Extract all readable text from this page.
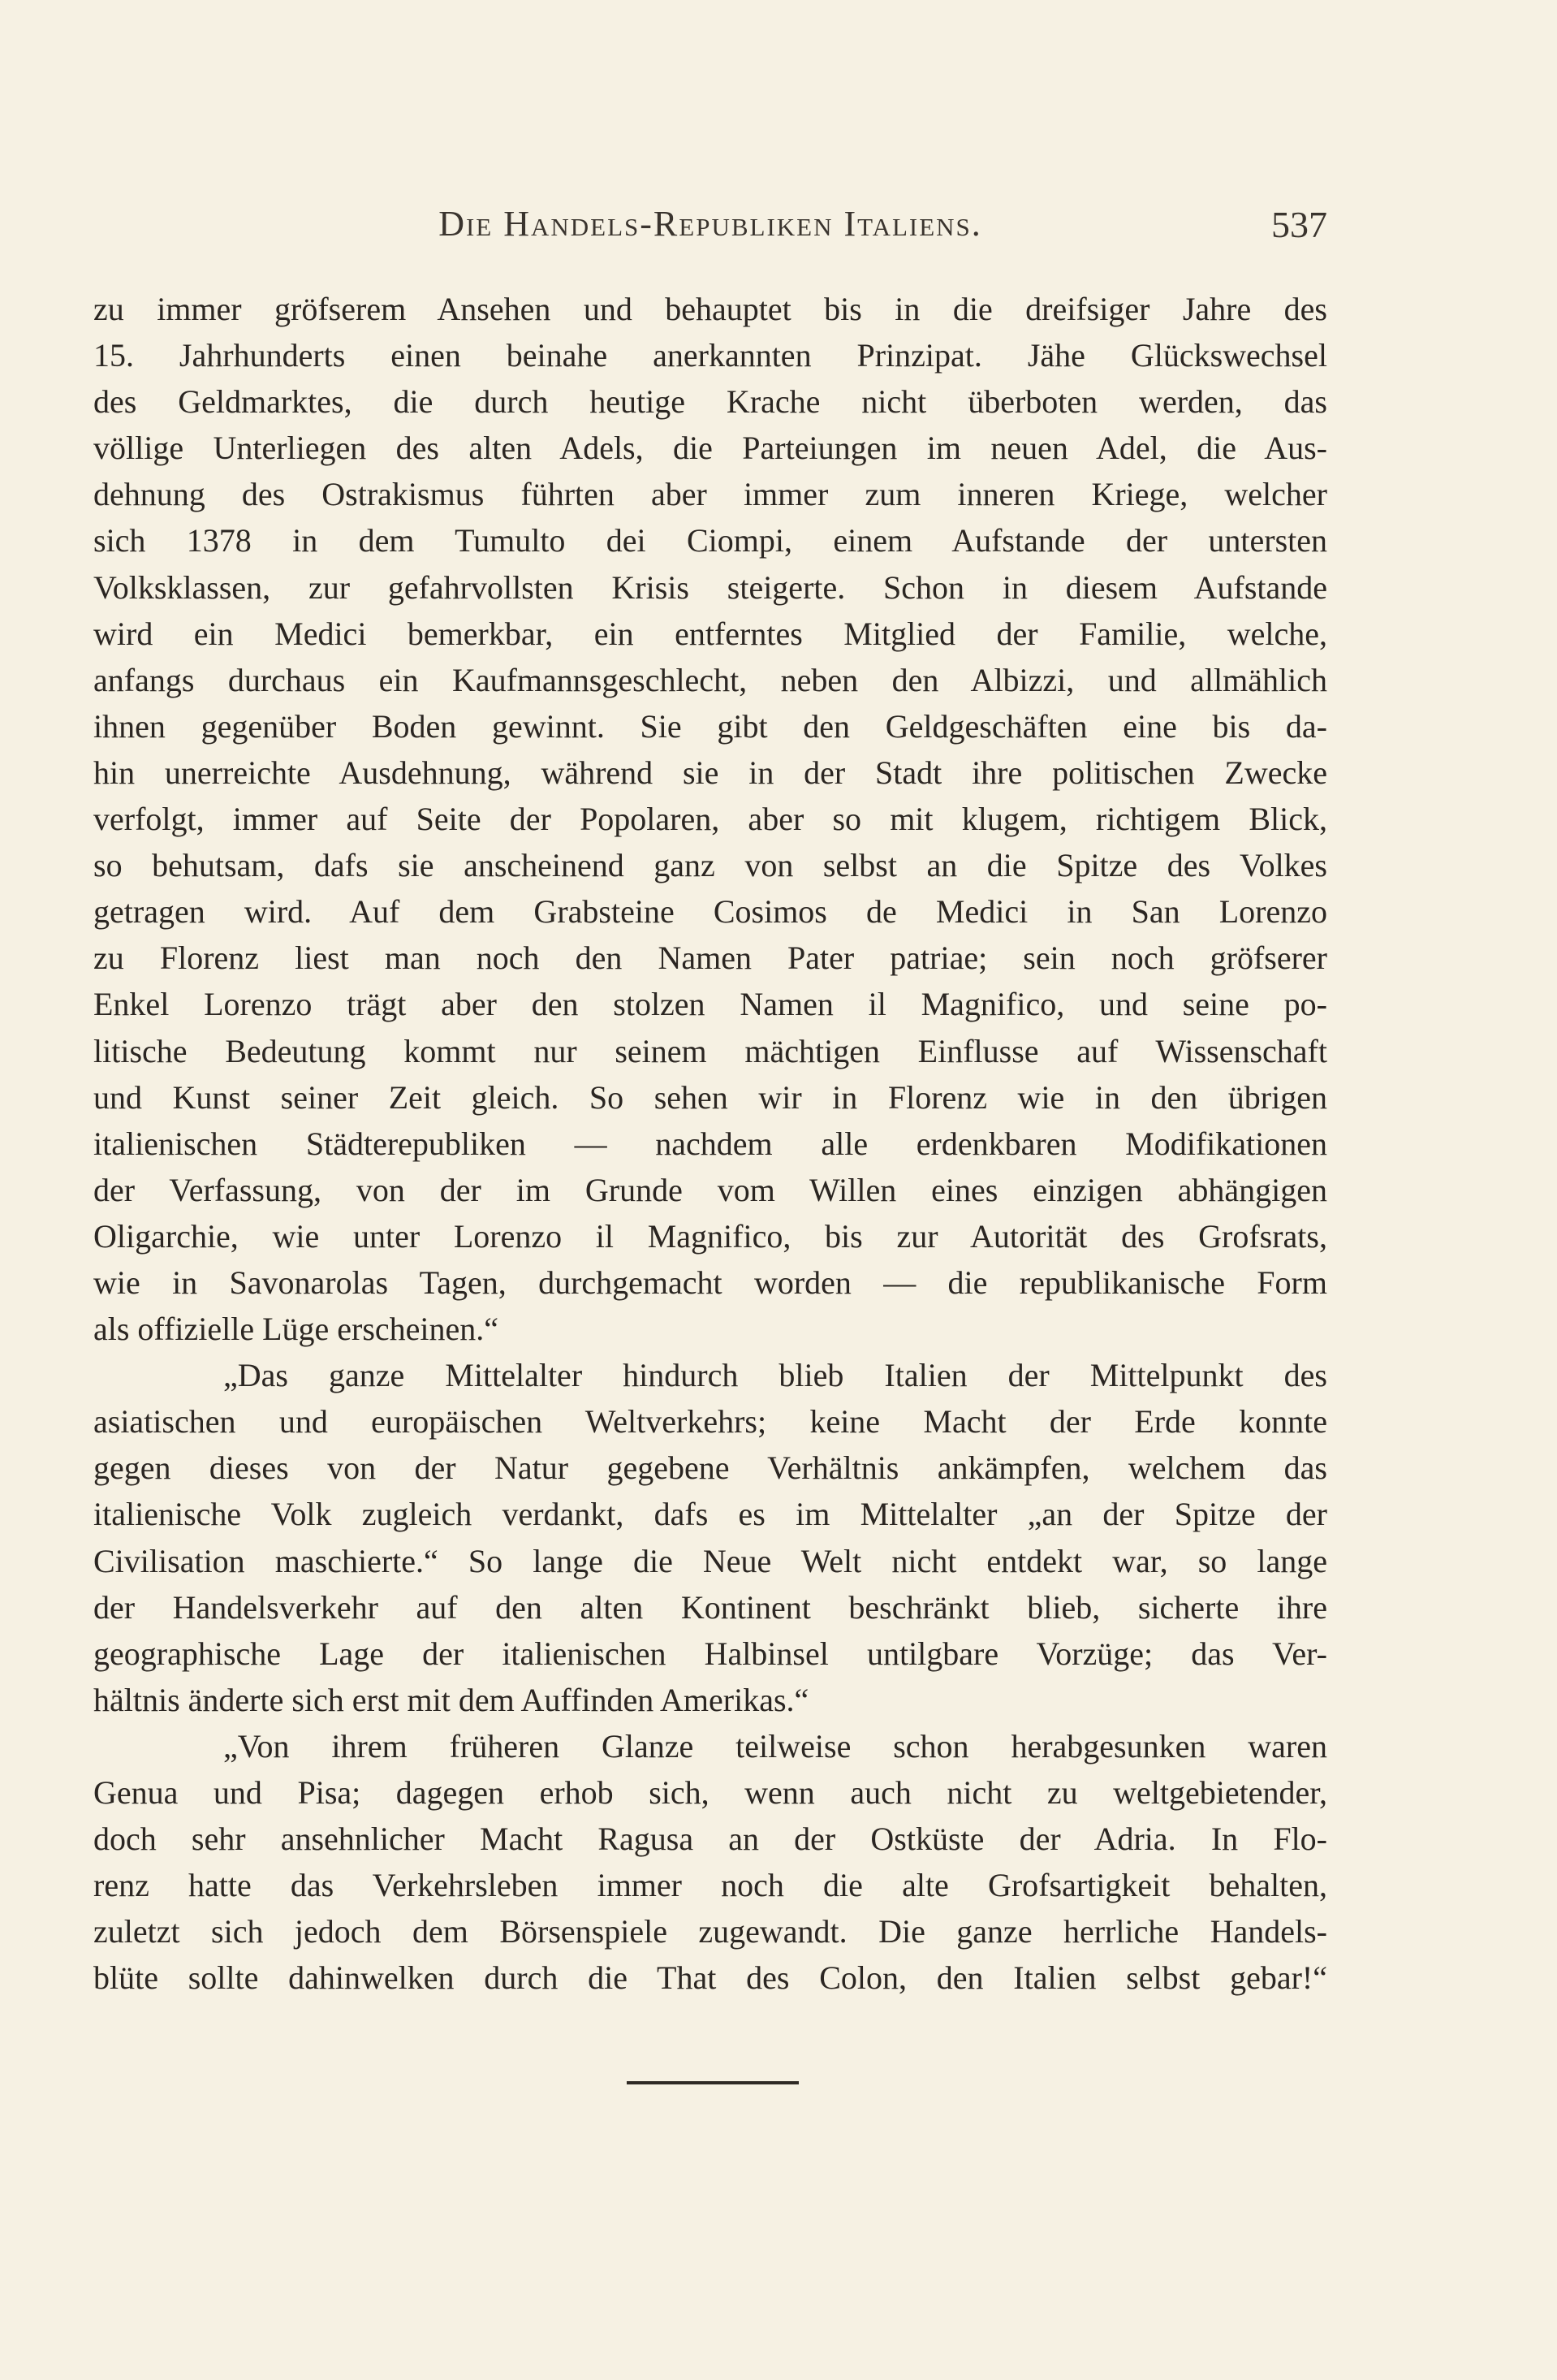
Die Handels-Republiken Italiens.	537
zu immer gröfserem Ansehen und behauptet bis in die dreifsiger Jahre des
15. Jahrhunderts einen beinahe anerkannten Prinzipat. Jähe Glückswechsel
des Geldmarktes, die durch heutige Krache nicht überboten werden, das
völlige Unterliegen des alten Adels, die Parteiungen im neuen Adel, die Aus-
dehnung des Ostrakismus führten aber immer zum inneren Kriege, welcher
sich 1378 in dem Tumulto dei Ciompi, einem Aufstande der untersten
Volksklassen, zur gefahrvollsten Krisis steigerte. Schon in diesem Aufstande
wird ein Medici bemerkbar, ein entferntes Mitglied der Familie, welche,
anfangs durchaus ein Kaufmannsgeschlecht, neben den Albizzi, und allmählich
ihnen gegenüber Boden gewinnt. Sie gibt den Geldgeschäften eine bis da-
hin unerreichte Ausdehnung, während sie in der Stadt ihre politischen Zwecke
verfolgt, immer auf Seite der Popolaren, aber so mit klugem, richtigem Blick,
so behutsam, dafs sie anscheinend ganz von selbst an die Spitze des Volkes
getragen wird. Auf dem Grabsteine Cosimos de Medici in San Lorenzo
zu Florenz liest man noch den Namen Pater patriae; sein noch gröfserer
Enkel Lorenzo trägt aber den stolzen Namen il Magnifico, und seine po-
litische Bedeutung kommt nur seinem mächtigen Einflusse auf Wissenschaft
und Kunst seiner Zeit gleich. So sehen wir in Florenz wie in den übrigen
italienischen Städterepubliken — nachdem alle erdenkbaren Modifikationen
der Verfassung, von der im Grunde vom Willen eines einzigen abhängigen
Oligarchie, wie unter Lorenzo il Magnifico, bis zur Autorität des Grofsrats,
wie in Savonarolas Tagen, durchgemacht worden — die republikanische Form
als offizielle Lüge erscheinen.“
„Das ganze Mittelalter hindurch blieb Italien der Mittelpunkt des
asiatischen und europäischen Weltverkehrs; keine Macht der Erde konnte
gegen dieses von der Natur gegebene Verhältnis ankämpfen, welchem das
italienische Volk zugleich verdankt, dafs es im Mittelalter „an der Spitze der
Civilisation maschierte.“ So lange die Neue Welt nicht entdekt war, so lange
der Handelsverkehr auf den alten Kontinent beschränkt blieb, sicherte ihre
geographische Lage der italienischen Halbinsel untilgbare Vorzüge; das Ver-
hältnis änderte sich erst mit dem Auffinden Amerikas.“
„Von ihrem früheren Glanze teilweise schon herabgesunken waren
Genua und Pisa; dagegen erhob sich, wenn auch nicht zu weltgebietender,
doch sehr ansehnlicher Macht Ragusa an der Ostküste der Adria. In Flo-
renz hatte das Verkehrsleben immer noch die alte Grofsartigkeit behalten,
zuletzt sich jedoch dem Börsenspiele zugewandt. Die ganze herrliche Handels-
blüte sollte dahinwelken durch die That des Colon, den Italien selbst gebar!“
